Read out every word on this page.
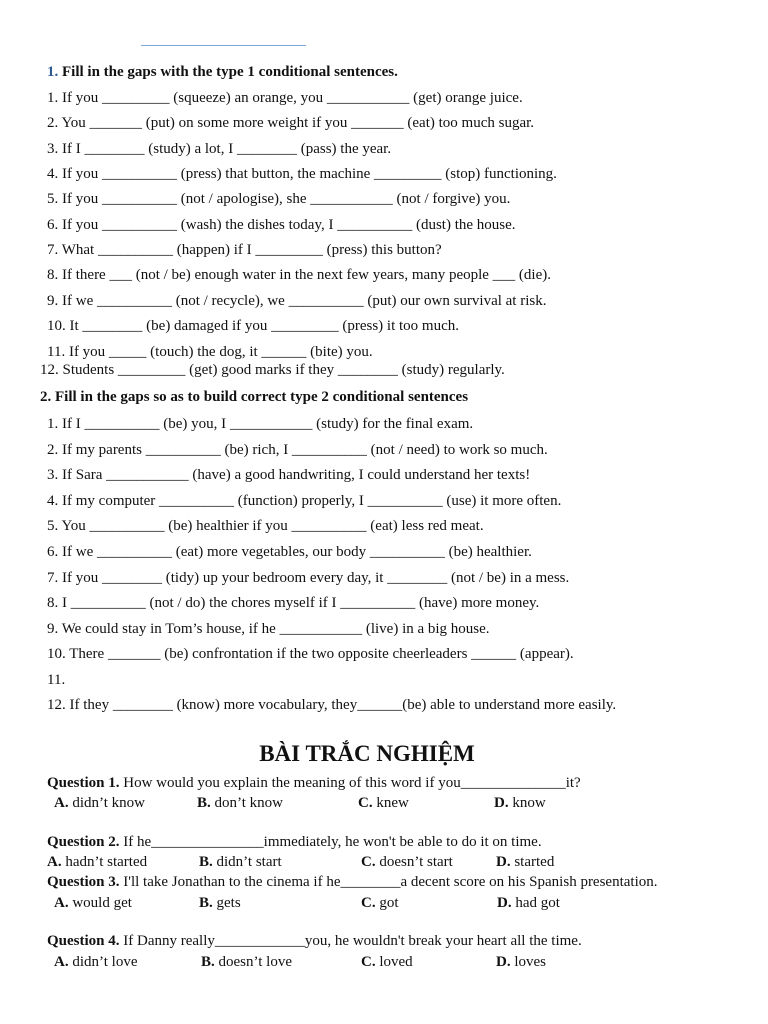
1. Fill in the gaps with the type 1 conditional sentences.
1. If you _________ (squeeze) an orange, you ___________ (get) orange juice.
2. You _______ (put) on some more weight if you _______ (eat) too much sugar.
3. If I ________ (study) a lot, I ________ (pass) the year.
4. If you __________ (press) that button, the machine _________ (stop) functioning.
5. If you __________ (not / apologise), she ___________ (not / forgive) you.
6. If you __________ (wash) the dishes today, I __________ (dust) the house.
7. What __________ (happen) if I _________ (press) this button?
8. If there ___ (not / be) enough water in the next few years, many people ___ (die).
9. If we __________ (not / recycle), we __________ (put) our own survival at risk.
10. It ________ (be) damaged if you _________ (press) it too much.
11. If you _____ (touch) the dog, it ______ (bite) you.
12. Students _________ (get) good marks if they ________ (study) regularly.
2. Fill in the gaps so as to build correct type 2 conditional sentences
1. If I __________ (be) you, I ___________ (study) for the final exam.
2. If my parents __________ (be) rich, I __________ (not / need) to work so much.
3. If Sara ___________ (have) a good handwriting, I could understand her texts!
4. If my computer __________ (function) properly, I __________ (use) it more often.
5. You __________ (be) healthier if you __________ (eat) less red meat.
6. If we __________ (eat) more vegetables, our body __________ (be) healthier.
7. If you ________ (tidy) up your bedroom every day, it ________ (not / be) in a mess.
8. I __________ (not / do) the chores myself if I __________ (have) more money.
9. We could stay in Tom’s house, if he ___________ (live) in a big house.
10. There _______ (be) confrontation if the two opposite cheerleaders ______ (appear).
11.
12. If they ________ (know) more vocabulary, they______(be) able to understand more easily.
BÀI TRẮC NGHIỆM
Question 1. How would you explain the meaning of this word if you______________it?
A. didn’t know	B. don’t know	C. knew	D. know
Question 2. If he_______________immediately, he won't be able to do it on time.
A. hadn’t started	B. didn’t start	C. doesn’t start	D. started
Question 3. I'll take Jonathan to the cinema if he________a decent score on his Spanish presentation.
A. would get	B. gets	C. got	D. had got
Question 4. If Danny really____________you, he wouldn't break your heart all the time.
A. didn’t love	B. doesn’t love	C. loved	D. loves
